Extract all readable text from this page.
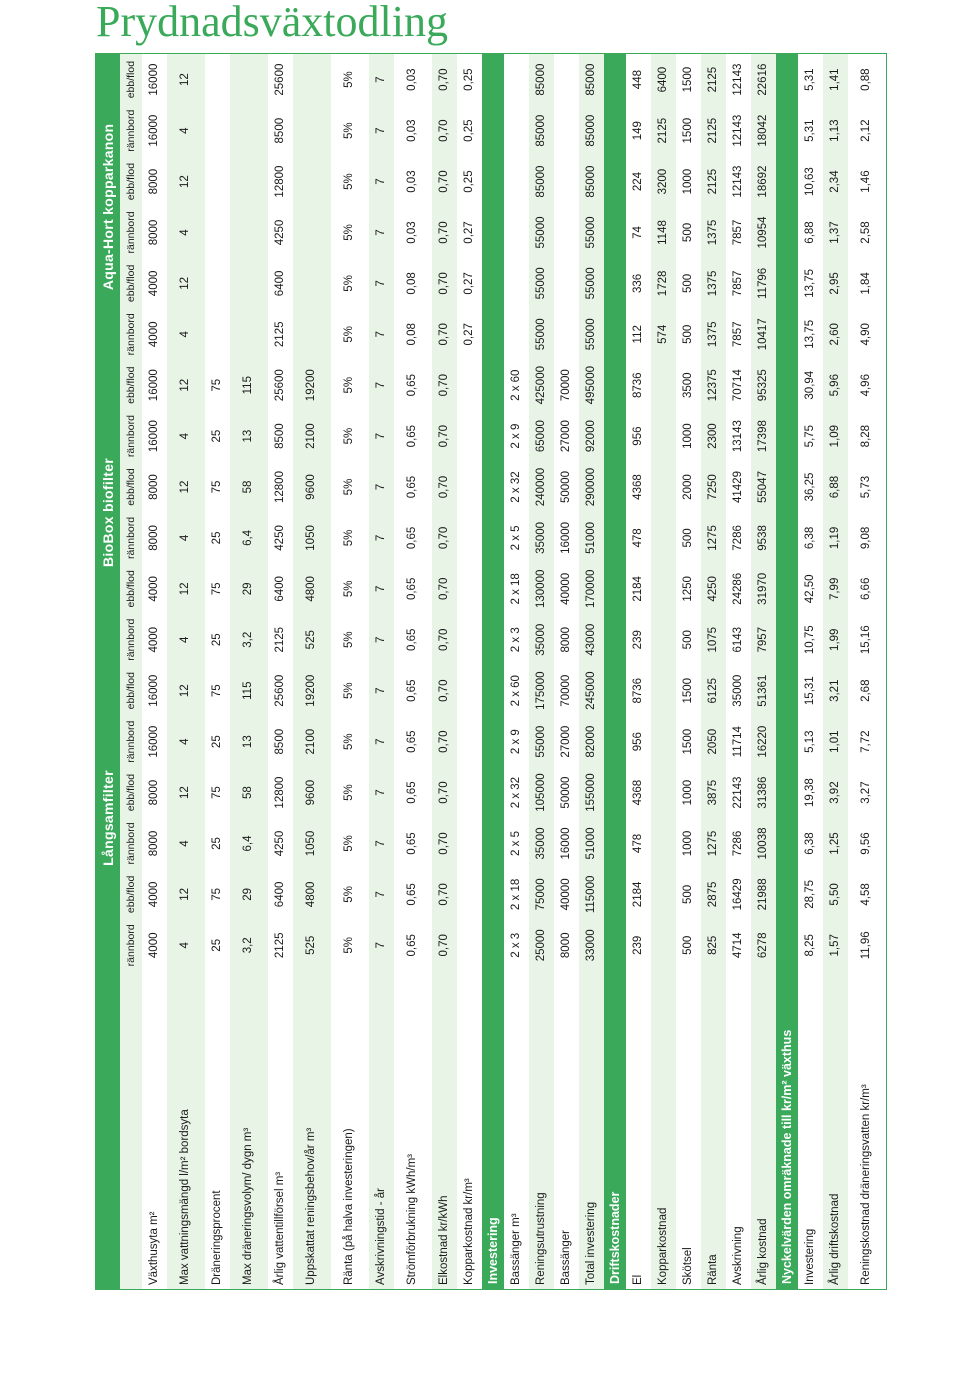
Prydnadsväxtodling
	Långsamfilter						BioBox biofilter						Aqua-Hort kopparkanon					
	rännbord	ebb/flod	rännbord	ebb/flod	rännbord	ebb/flod	rännbord	ebb/flod	rännbord	ebb/flod	rännbord	ebb/flod	rännbord	ebb/flod	rännbord	ebb/flod	rännbord	ebb/flod
Växthusyta m²	4000	4000	8000	8000	16000	16000	4000	4000	8000	8000	16000	16000	4000	4000	8000	8000	16000	16000
Max vattningsmängd l/m² bordsyta	4	12	4	12	4	12	4	12	4	12	4	12	4	12	4	12	4	12
Dräneringsprocent	25	75	25	75	25	75	25	75	25	75	25	75						
Max dräneringsvolym/ dygn m³	3,2	29	6,4	58	13	115	3,2	29	6,4	58	13	115						
Årlig vattentillförsel m³	2125	6400	4250	12800	8500	25600	2125	6400	4250	12800	8500	25600	2125	6400	4250	12800	8500	25600
Uppskattat reningsbehov/år m³	525	4800	1050	9600	2100	19200	525	4800	1050	9600	2100	19200						
Ränta (på halva investeringen)	5%	5%	5%	5%	5%	5%	5%	5%	5%	5%	5%	5%	5%	5%	5%	5%	5%	5%
Avskrivningstid - år	7	7	7	7	7	7	7	7	7	7	7	7	7	7	7	7	7	7
Strömförbrukning kWh/m³	0,65	0,65	0,65	0,65	0,65	0,65	0,65	0,65	0,65	0,65	0,65	0,65	0,08	0,08	0,03	0,03	0,03	0,03
Elkostnad kr/kWh	0,70	0,70	0,70	0,70	0,70	0,70	0,70	0,70	0,70	0,70	0,70	0,70	0,70	0,70	0,70	0,70	0,70	0,70
Kopparkostnad kr/m³													0,27	0,27	0,27	0,25	0,25	0,25
Investering																		
Bassänger m³	2 x 3	2 x 18	2 x 5	2 x 32	2 x 9	2 x 60	2 x 3	2 x 18	2 x 5	2 x 32	2 x 9	2 x 60						
Reningsutrustning	25000	75000	35000	105000	55000	175000	35000	130000	35000	240000	65000	425000	55000	55000	55000	85000	85000	85000
Bassänger	8000	40000	16000	50000	27000	70000	8000	40000	16000	50000	27000	70000						
Total investering	33000	115000	51000	155000	82000	245000	43000	170000	51000	290000	92000	495000	55000	55000	55000	85000	85000	85000
Driftskostnader																		
El	239	2184	478	4368	956	8736	239	2184	478	4368	956	8736	112	336	74	224	149	448
Kopparkostnad													574	1728	1148	3200	2125	6400
Skötsel	500	500	1000	1000	1500	1500	500	1250	500	2000	1000	3500	500	500	500	1000	1500	1500
Ränta	825	2875	1275	3875	2050	6125	1075	4250	1275	7250	2300	12375	1375	1375	1375	2125	2125	2125
Avskrivning	4714	16429	7286	22143	11714	35000	6143	24286	7286	41429	13143	70714	7857	7857	7857	12143	12143	12143
Årlig kostnad	6278	21988	10038	31386	16220	51361	7957	31970	9538	55047	17398	95325	10417	11796	10954	18692	18042	22616
Nyckelvärden omräknade till kr/m² växthus																		
Investering	8,25	28,75	6,38	19,38	5,13	15,31	10,75	42,50	6,38	36,25	5,75	30,94	13,75	13,75	6,88	10,63	5,31	5,31
Årlig driftskostnad	1,57	5,50	1,25	3,92	1,01	3,21	1,99	7,99	1,19	6,88	1,09	5,96	2,60	2,95	1,37	2,34	1,13	1,41
Reningskostnad dräneringsvatten kr/m³	11,96	4,58	9,56	3,27	7,72	2,68	15,16	6,66	9,08	5,73	8,28	4,96	4,90	1,84	2,58	1,46	2,12	0,88
